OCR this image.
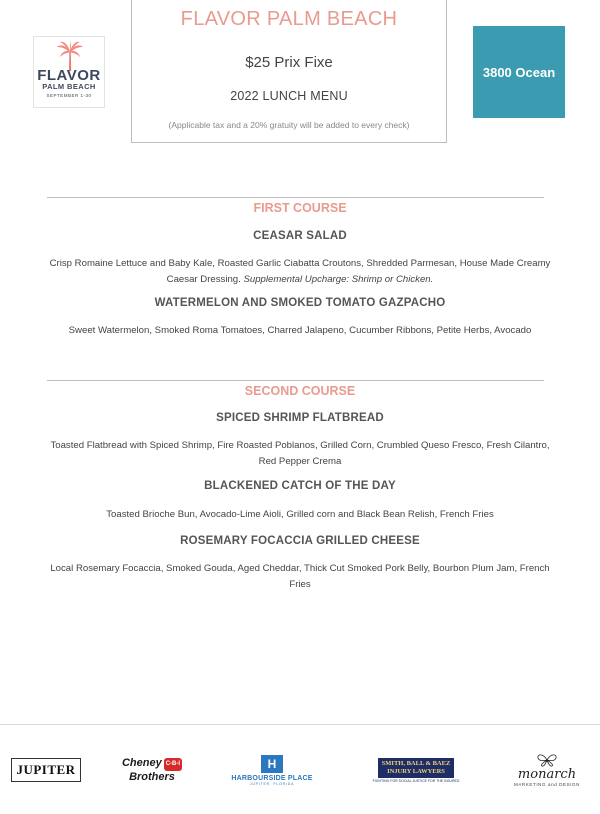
FLAVOR
PALM BEACH
SEPTEMBER 1-30
FLAVOR PALM BEACH
$25 Prix Fixe
2022 LUNCH MENU
(Applicable tax and a 20% gratuity will be added to every check)
3800 Ocean
FIRST COURSE
CEASAR SALAD
Crisp Romaine Lettuce and Baby Kale, Roasted Garlic Ciabatta Croutons, Shredded Parmesan, House Made Creamy Caesar Dressing. Supplemental Upcharge: Shrimp or Chicken.
WATERMELON AND SMOKED TOMATO GAZPACHO
Sweet Watermelon, Smoked Roma Tomatoes, Charred Jalapeno, Cucumber Ribbons, Petite Herbs, Avocado
SECOND COURSE
SPICED SHRIMP FLATBREAD
Toasted Flatbread with Spiced Shrimp, Fire Roasted Poblanos, Grilled Corn, Crumbled Queso Fresco, Fresh Cilantro, Red Pepper Crema
BLACKENED CATCH OF THE DAY
Toasted Brioche Bun, Avocado-Lime Aioli, Grilled corn and Black Bean Relish, French Fries
ROSEMARY FOCACCIA GRILLED CHEESE
Local Rosemary Focaccia, Smoked Gouda, Aged Cheddar, Thick Cut Smoked Pork Belly, Bourbon Plum Jam, French Fries
JUPITER	Cheney C-B-I
Brothers
H
HARBOURSIDE PLACE
JUPITER, FLORIDA
SMITH, BALL & BAEZ
INJURY LAWYERS
FIGHTING FOR SOCIAL JUSTICE FOR THE INJURED	monarch
MARKETING and DESIGN
